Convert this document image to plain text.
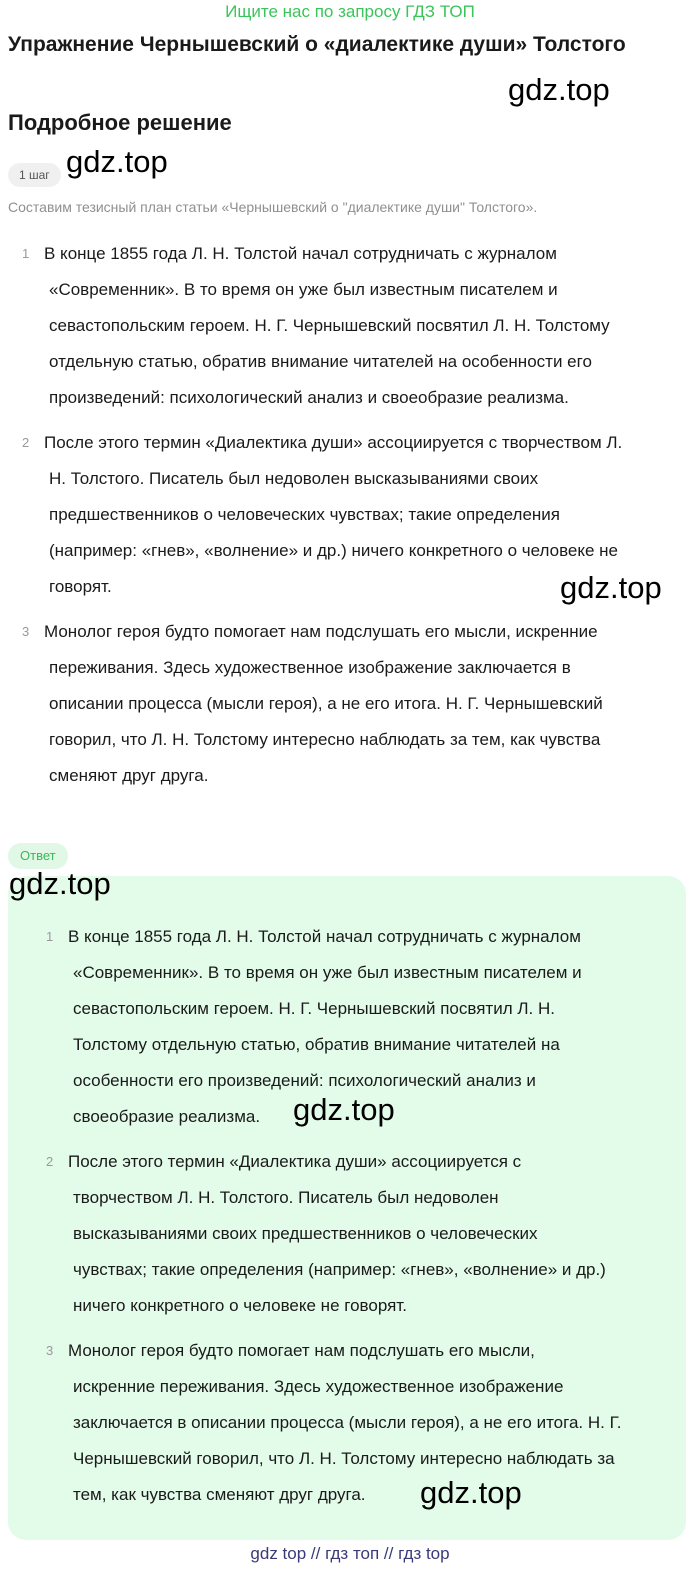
Ищите нас по запросу ГДЗ ТОП
Упражнение Чернышевский о «диалектике души» Толстого
gdz.top
Подробное решение
1 шаг gdz.top
Составим тезисный план статьи «Чернышевский о "диалектике души" Толстого».
1 В конце 1855 года Л. Н. Толстой начал сотрудничать с журналом
«Современник». В то время он уже был известным писателем и
севастопольским героем. Н. Г. Чернышевский посвятил Л. Н. Толстому
отдельную статью, обратив внимание читателей на особенности его
произведений: психологический анализ и своеобразие реализма.
2 После этого термин «Диалектика души» ассоциируется с творчеством Л.
Н. Толстого. Писатель был недоволен высказываниями своих
предшественников о человеческих чувствах; такие определения
(например: «гнев», «волнение» и др.) ничего конкретного о человеке не
говорят.
3 Монолог героя будто помогает нам подслушать его мысли, искренние
переживания. Здесь художественное изображение заключается в
описании процесса (мысли героя), а не его итога. Н. Г. Чернышевский
говорил, что Л. Н. Толстому интересно наблюдать за тем, как чувства
сменяют друг друга.
gdz.top
Ответ
gdz.top
1 В конце 1855 года Л. Н. Толстой начал сотрудничать с журналом
«Современник». В то время он уже был известным писателем и
севастопольским героем. Н. Г. Чернышевский посвятил Л. Н.
Толстому отдельную статью, обратив внимание читателей на
особенности его произведений: психологический анализ и
своеобразие реализма.
2 После этого термин «Диалектика души» ассоциируется с
творчеством Л. Н. Толстого. Писатель был недоволен
высказываниями своих предшественников о человеческих
чувствах; такие определения (например: «гнев», «волнение» и др.)
ничего конкретного о человеке не говорят.
3 Монолог героя будто помогает нам подслушать его мысли,
искренние переживания. Здесь художественное изображение
заключается в описании процесса (мысли героя), а не его итога. Н. Г.
Чернышевский говорил, что Л. Н. Толстому интересно наблюдать за
тем, как чувства сменяют друг друга.
gdz.top
gdz.top
gdz top // гдз топ // гдз top
